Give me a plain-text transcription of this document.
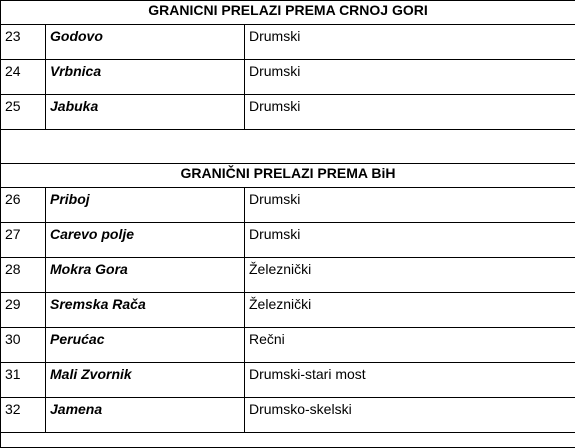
GRANICNI PRELAZI PREMA CRNOJ GORI		
23	Godovo	Drumski
24	Vrbnica	Drumski
25	Jabuka	Drumski

GRANIČNI PRELAZI PREMA BiH		
26	Priboj	Drumski
27	Carevo polje	Drumski
28	Mokra Gora	Železnički
29	Sremska Rača	Železnički
30	Perućac	Rečni
31	Mali Zvornik	Drumski-stari most
32	Jamena	Drumsko-skelski
